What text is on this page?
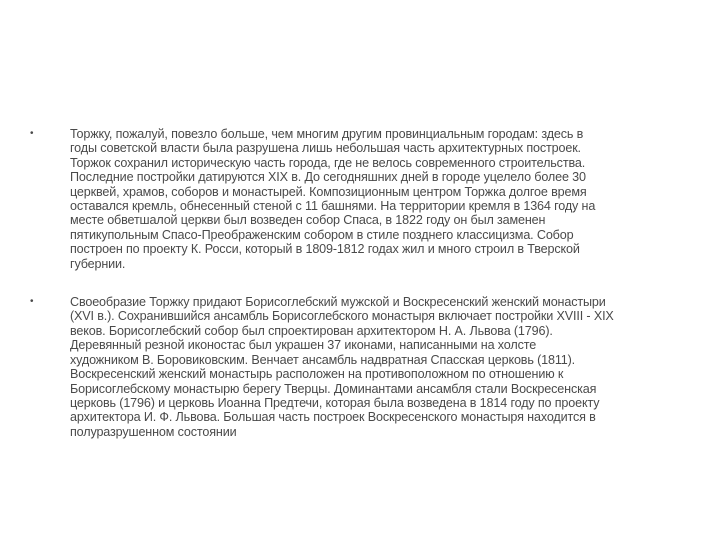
•	Торжку, пожалуй, повезло больше, чем многим другим провинциальным городам: здесь в
годы советской власти была разрушена лишь небольшая часть архитектурных построек.
Торжок сохранил историческую часть города, где не велось современного строительства.
Последние постройки датируются XIX в. До сегодняшних дней в городе уцелело более 30
церквей, храмов, соборов и монастырей. Композиционным центром Торжка долгое время
оставался кремль, обнесенный стеной с 11 башнями. На территории кремля в 1364 году на
месте обветшалой церкви был возведен собор Спаса, в 1822 году он был заменен
пятикупольным Спасо-Преображенским собором в стиле позднего классицизма. Собор
построен по проекту К. Росси, который в 1809-1812 годах жил и много строил в Тверской
губернии.
•	Своеобразие Торжку придают Борисоглебский мужской и Воскресенский женский монастыри
(XVI в.). Сохранившийся ансамбль Борисоглебского монастыря включает постройки XVIII - XIX
веков. Борисоглебский собор был спроектирован архитектором Н. А. Львова (1796).
Деревянный резной иконостас был украшен 37 иконами, написанными на холсте
художником В. Боровиковским. Венчает ансамбль надвратная Спасская церковь (1811).
Воскресенский женский монастырь расположен на противоположном по отношению к
Борисоглебскому монастырю берегу Тверцы. Доминантами ансамбля стали Воскресенская
церковь (1796) и церковь Иоанна Предтечи, которая была возведена в 1814 году по проекту
архитектора И. Ф. Львова. Большая часть построек Воскресенского монастыря находится в
полуразрушенном состоянии
